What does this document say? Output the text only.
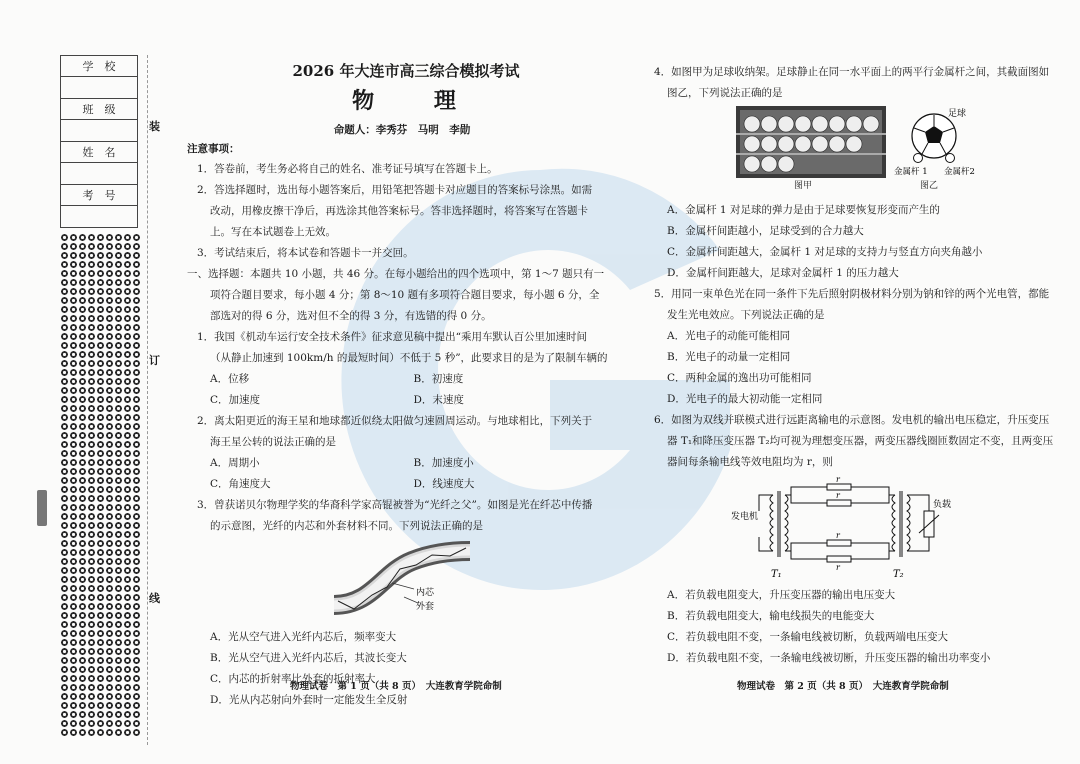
学　校

班　级

姓　名

考　号

装
订
线
2026 年大连市高三综合模拟考试
物 理
命题人：李秀芬　马明　李勋
注意事项：
1．答卷前，考生务必将自己的姓名、准考证号填写在答题卡上。
2．答选择题时，选出每小题答案后，用铅笔把答题卡对应题目的答案标号涂黑。如需
改动，用橡皮擦干净后，再选涂其他答案标号。答非选择题时，将答案写在答题卡
上。写在本试题卷上无效。
3．考试结束后，将本试卷和答题卡一并交回。
一、选择题：本题共 10 小题，共 46 分。在每小题给出的四个选项中，第 1～7 题只有一
项符合题目要求，每小题 4 分；第 8～10 题有多项符合题目要求，每小题 6 分，全
部选对的得 6 分，选对但不全的得 3 分，有选错的得 0 分。
1．我国《机动车运行安全技术条件》征求意见稿中提出“乘用车默认百公里加速时间
（从静止加速到 100km/h 的最短时间）不低于 5 秒”，此要求目的是为了限制车辆的
A．位移	B．初速度
C．加速度	D．末速度
2．离太阳更近的海王星和地球都近似绕太阳做匀速圆周运动。与地球相比，下列关于
海王星公转的说法正确的是
A．周期小	B．加速度小
C．角速度大	D．线速度大
3．曾获诺贝尔物理学奖的华裔科学家高锟被誉为“光纤之父”。如图是光在纤芯中传播
的示意图，光纤的内芯和外套材料不同。下列说法正确的是
内芯
外套
A．光从空气进入光纤内芯后，频率变大
B．光从空气进入光纤内芯后，其波长变大
C．内芯的折射率比外套的折射率大
D．光从内芯射向外套时一定能发生全反射
4．如图甲为足球收纳架。足球静止在同一水平面上的两平行金属杆之间，其截面图如
图乙，下列说法正确的是
足球
金属杆 1 金属杆2
图甲	图乙
A．金属杆 1 对足球的弹力是由于足球要恢复形变而产生的
B．金属杆间距越小，足球受到的合力越大
C．金属杆间距越大，金属杆 1 对足球的支持力与竖直方向夹角越小
D．金属杆间距越大，足球对金属杆 1 的压力越大
5．用同一束单色光在同一条件下先后照射阴极材料分别为钠和锌的两个光电管，都能
发生光电效应。下列说法正确的是
A．光电子的动能可能相同
B．光电子的动量一定相同
C．两种金属的逸出功可能相同
D．光电子的最大初动能一定相同
6．如图为双线并联模式进行远距离输电的示意图。发电机的输出电压稳定，升压变压
器 T₁和降压变压器 T₂均可视为理想变压器，两变压器线圈匝数固定不变，且两变压
器间每条输电线等效电阻均为 r，则
发电机
负载
r
r
r
r
T₁	T₂
A．若负载电阻变大，升压变压器的输出电压变大
B．若负载电阻变大，输电线损失的电能变大
C．若负载电阻不变，一条输电线被切断，负载两端电压变大
D．若负载电阻不变，一条输电线被切断，升压变压器的输出功率变小
物理试卷　第 1 页（共 8 页）　大连教育学院命制	物理试卷　第 2 页（共 8 页）　大连教育学院命制
